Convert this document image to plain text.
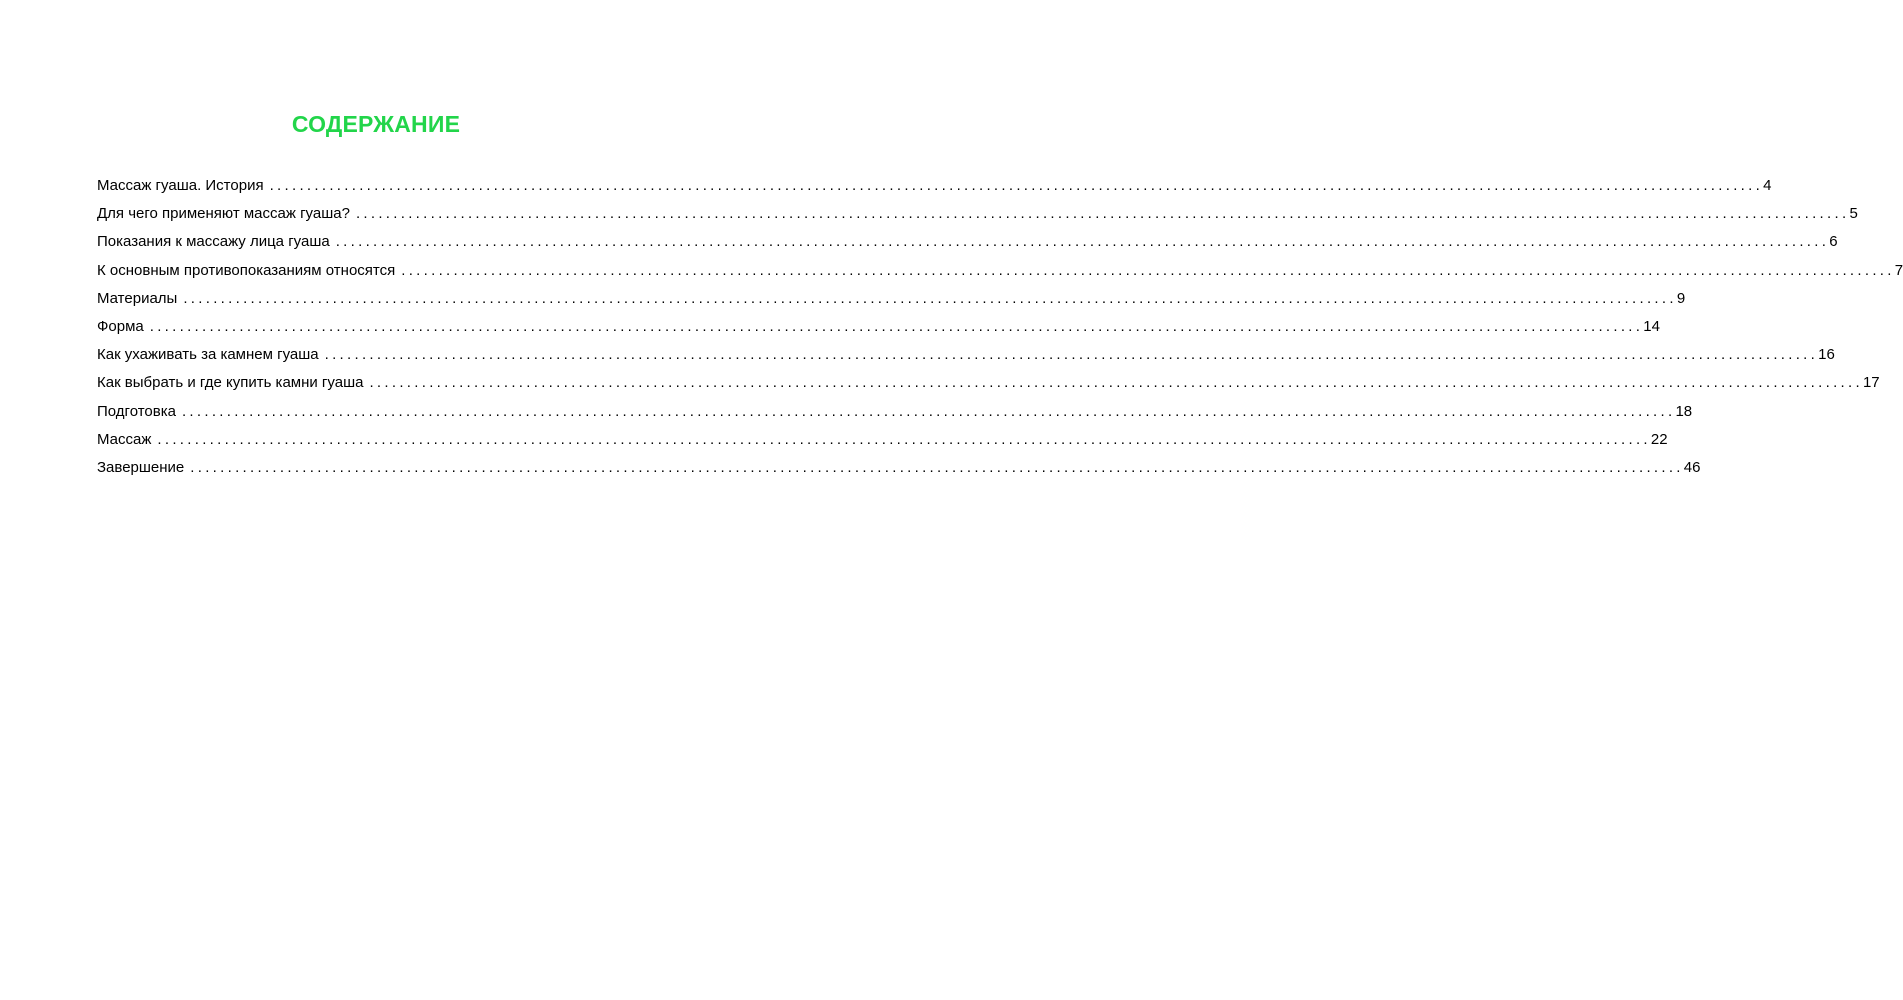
СОДЕРЖАНИЕ
Массаж гуаша. История ........................................................................................................................................................................................................ 4
Для чего применяют массаж гуаша? ........................................................................................................................................................................................................ 5
Показания к массажу лица гуаша ........................................................................................................................................................................................................ 6
К основным противопоказаниям относятся ........................................................................................................................................................................................................ 7
Материалы ........................................................................................................................................................................................................ 9
Форма ........................................................................................................................................................................................................ 14
Как ухаживать за камнем гуаша ........................................................................................................................................................................................................ 16
Как выбрать и где купить камни гуаша ........................................................................................................................................................................................................ 17
Подготовка ........................................................................................................................................................................................................ 18
Массаж ........................................................................................................................................................................................................ 22
Завершение ........................................................................................................................................................................................................ 46
